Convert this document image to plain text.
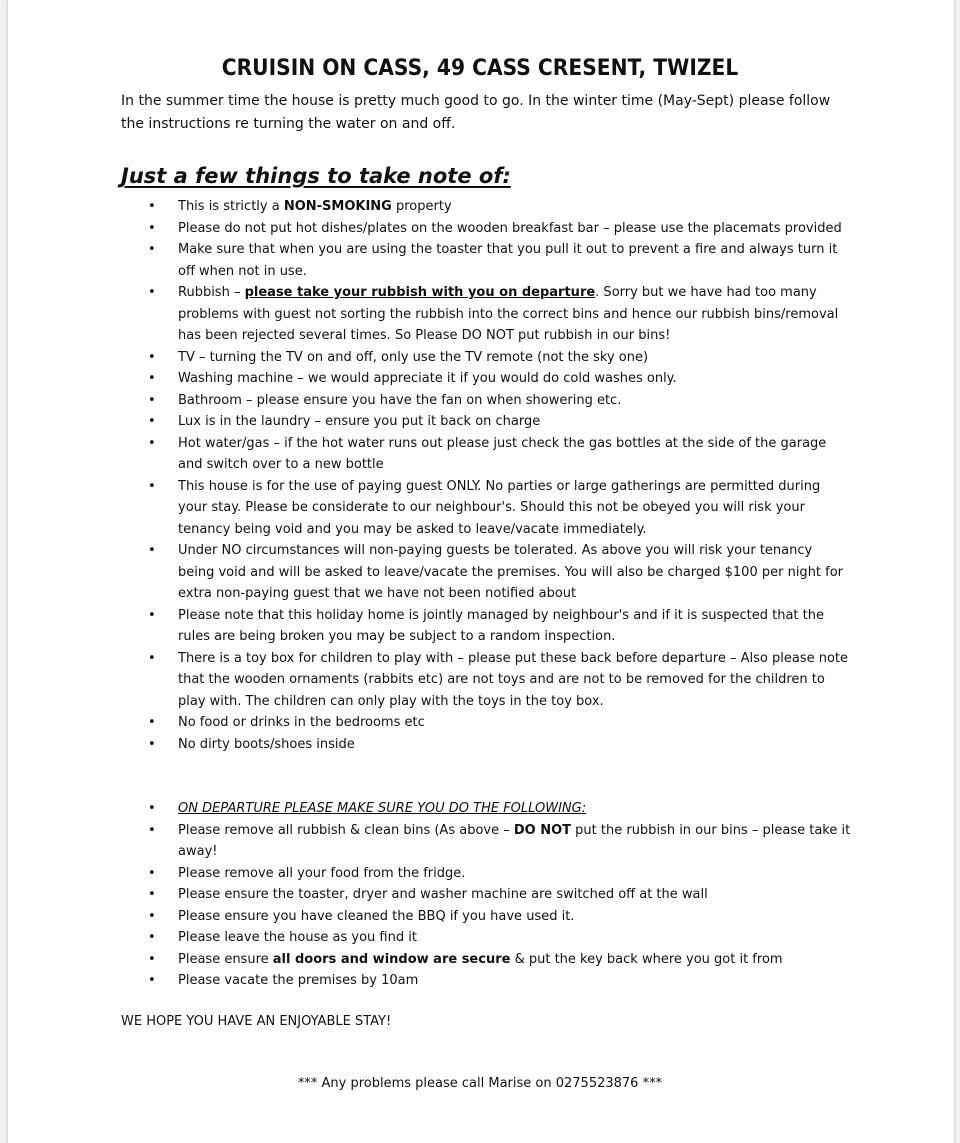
CRUISIN ON CASS, 49 CASS CRESENT, TWIZEL
In the summer time the house is pretty much good to go. In the winter time (May-Sept) please follow the instructions re turning the water on and off.
Just a few things to take note of:
• This is strictly a NON-SMOKING property
• Please do not put hot dishes/plates on the wooden breakfast bar – please use the placemats provided
• Make sure that when you are using the toaster that you pull it out to prevent a fire and always turn it off when not in use.
• Rubbish – please take your rubbish with you on departure. Sorry but we have had too many problems with guest not sorting the rubbish into the correct bins and hence our rubbish bins/removal has been rejected several times. So Please DO NOT put rubbish in our bins!
• TV – turning the TV on and off, only use the TV remote (not the sky one)
• Washing machine – we would appreciate it if you would do cold washes only.
• Bathroom – please ensure you have the fan on when showering etc.
• Lux is in the laundry – ensure you put it back on charge
• Hot water/gas – if the hot water runs out please just check the gas bottles at the side of the garage and switch over to a new bottle
• This house is for the use of paying guest ONLY. No parties or large gatherings are permitted during your stay. Please be considerate to our neighbour's. Should this not be obeyed you will risk your tenancy being void and you may be asked to leave/vacate immediately.
• Under NO circumstances will non-paying guests be tolerated. As above you will risk your tenancy being void and will be asked to leave/vacate the premises. You will also be charged $100 per night for extra non-paying guest that we have not been notified about
• Please note that this holiday home is jointly managed by neighbour's and if it is suspected that the rules are being broken you may be subject to a random inspection.
• There is a toy box for children to play with – please put these back before departure – Also please note that the wooden ornaments (rabbits etc) are not toys and are not to be removed for the children to play with. The children can only play with the toys in the toy box.
• No food or drinks in the bedrooms etc
• No dirty boots/shoes inside
• ON DEPARTURE PLEASE MAKE SURE YOU DO THE FOLLOWING:
• Please remove all rubbish & clean bins (As above – DO NOT put the rubbish in our bins – please take it away!
• Please remove all your food from the fridge.
• Please ensure the toaster, dryer and washer machine are switched off at the wall
• Please ensure you have cleaned the BBQ if you have used it.
• Please leave the house as you find it
• Please ensure all doors and window are secure & put the key back where you got it from
• Please vacate the premises by 10am
WE HOPE YOU HAVE AN ENJOYABLE STAY!
*** Any problems please call Marise on 0275523876 ***
